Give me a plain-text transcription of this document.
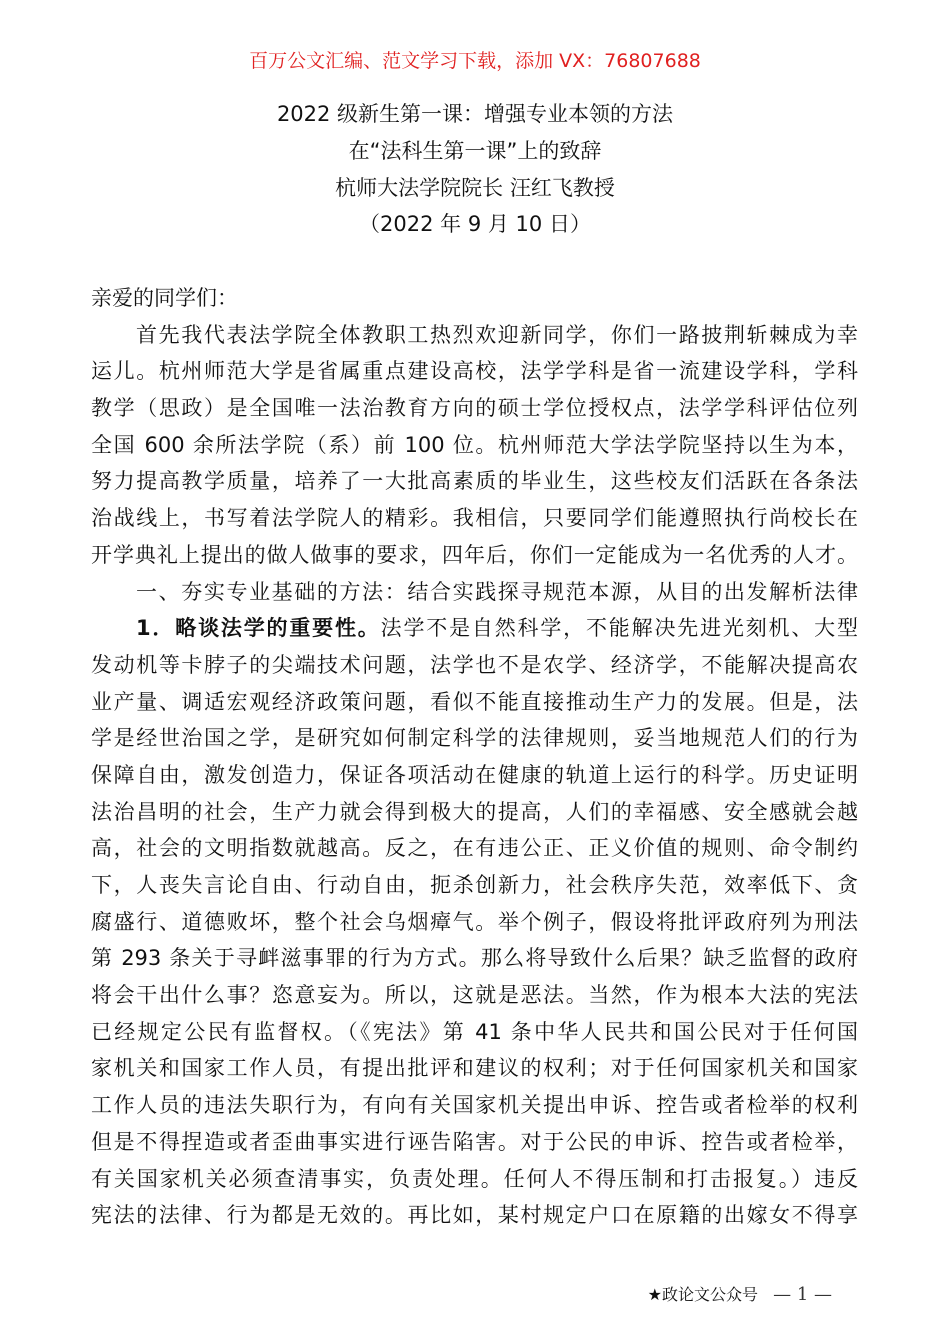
百万公文汇编、范文学习下载，添加 VX：76807688
2022 级新生第一课：增强专业本领的方法
在“法科生第一课”上的致辞
杭师大法学院院长 汪红飞教授
（2022 年 9 月 10 日）
亲爱的同学们：
首先我代表法学院全体教职工热烈欢迎新同学，你们一路披荆斩棘成为幸
运儿。杭州师范大学是省属重点建设高校，法学学科是省一流建设学科，学科
教学（思政）是全国唯一法治教育方向的硕士学位授权点，法学学科评估位列
全国 600 余所法学院（系）前 100 位。杭州师范大学法学院坚持以生为本，
努力提高教学质量，培养了一大批高素质的毕业生，这些校友们活跃在各条法
治战线上，书写着法学院人的精彩。我相信，只要同学们能遵照执行尚校长在
开学典礼上提出的做人做事的要求，四年后，你们一定能成为一名优秀的人才。
一、夯实专业基础的方法：结合实践探寻规范本源，从目的出发解析法律
1．略谈法学的重要性。法学不是自然科学，不能解决先进光刻机、大型
发动机等卡脖子的尖端技术问题，法学也不是农学、经济学，不能解决提高农
业产量、调适宏观经济政策问题，看似不能直接推动生产力的发展。但是，法
学是经世治国之学，是研究如何制定科学的法律规则，妥当地规范人们的行为
保障自由，激发创造力，保证各项活动在健康的轨道上运行的科学。历史证明
法治昌明的社会，生产力就会得到极大的提高，人们的幸福感、安全感就会越
高，社会的文明指数就越高。反之，在有违公正、正义价值的规则、命令制约
下，人丧失言论自由、行动自由，扼杀创新力，社会秩序失范，效率低下、贪
腐盛行、道德败坏，整个社会乌烟瘴气。举个例子，假设将批评政府列为刑法
第 293 条关于寻衅滋事罪的行为方式。那么将导致什么后果？缺乏监督的政府
将会干出什么事？恣意妄为。所以，这就是恶法。当然，作为根本大法的宪法
已经规定公民有监督权。（《宪法》第 41 条中华人民共和国公民对于任何国
家机关和国家工作人员，有提出批评和建议的权利；对于任何国家机关和国家
工作人员的违法失职行为，有向有关国家机关提出申诉、控告或者检举的权利
但是不得捏造或者歪曲事实进行诬告陷害。对于公民的申诉、控告或者检举，
有关国家机关必须查清事实，负责处理。任何人不得压制和打击报复。）违反
宪法的法律、行为都是无效的。再比如，某村规定户口在原籍的出嫁女不得享
★政论文公众号 — 1 —
